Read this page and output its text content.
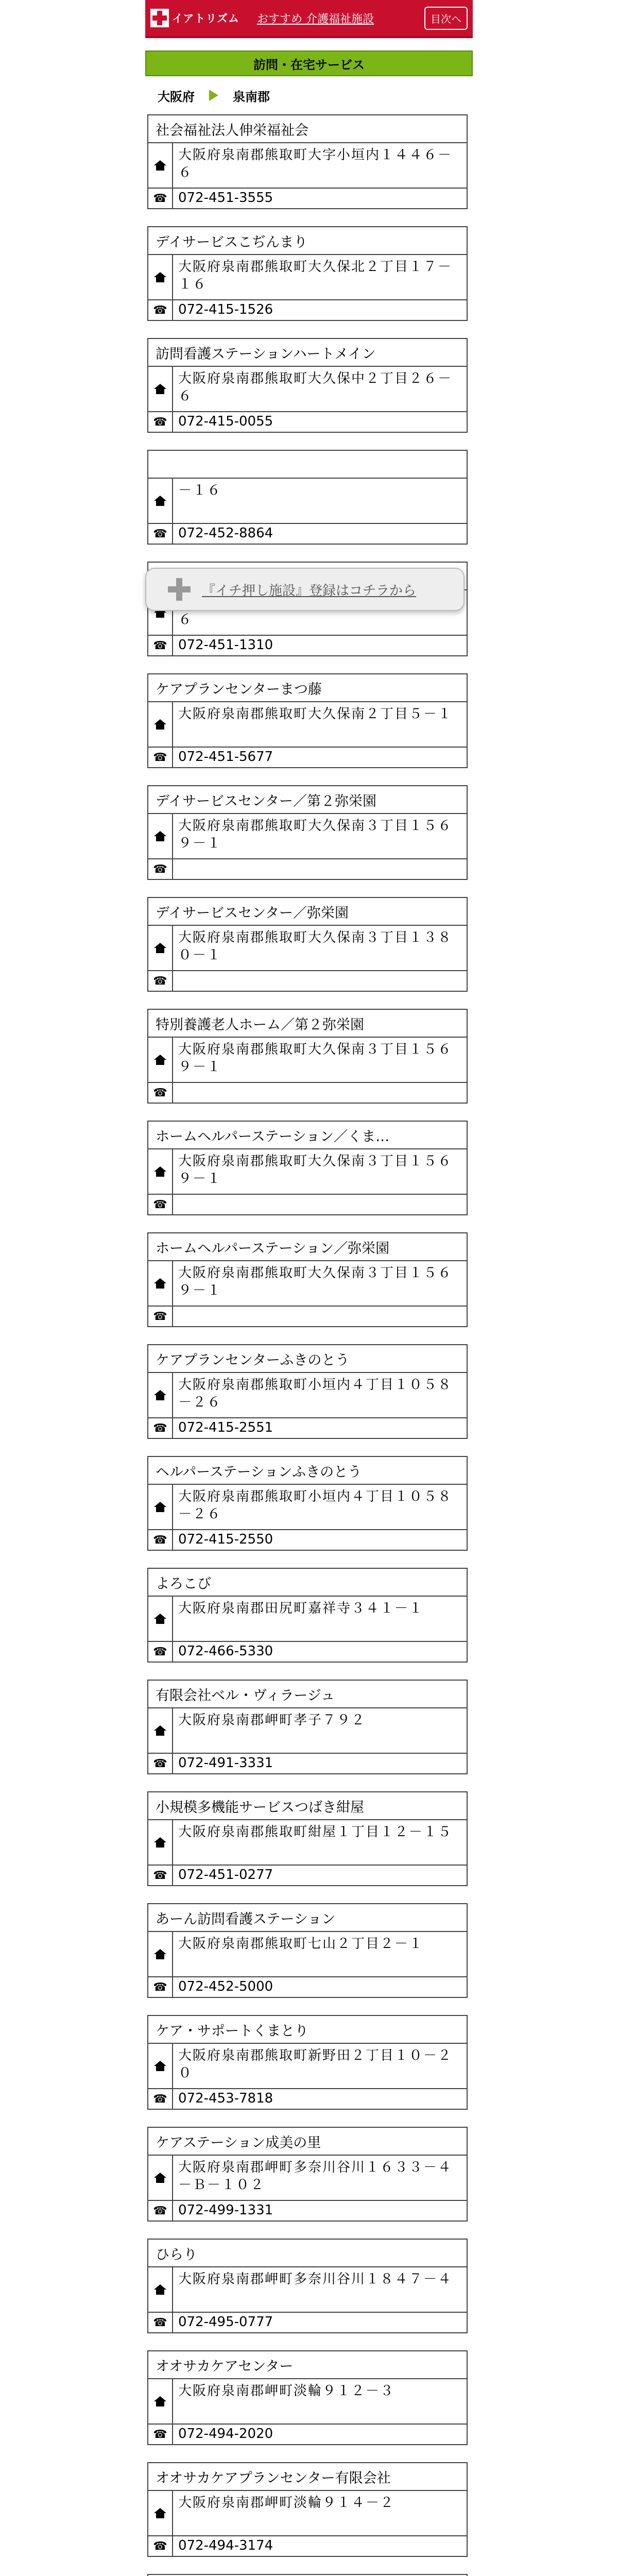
イアトリズム おすすめ 介護福祉施設	目次へ
訪問・在宅サービス
大阪府	泉南郡
『イチ押し施設』登録はコチラから
社会福祉法人伸栄福祉会
大阪府泉南郡熊取町大字小垣内１４４６－６
☎ 072-451-3555
デイサービスこぢんまり
大阪府泉南郡熊取町大久保北２丁目１７－１６
☎ 072-415-1526
訪問看護ステーションハートメイン
大阪府泉南郡熊取町大久保中２丁目２６－６
☎ 072-415-0055
－１６
☎ 072-452-8864
６
☎ 072-451-1310
ケアプランセンターまつ藤
大阪府泉南郡熊取町大久保南２丁目５－１
☎ 072-451-5677
デイサービスセンター／第２弥栄園
大阪府泉南郡熊取町大久保南３丁目１５６９－１
☎
デイサービスセンター／弥栄園
大阪府泉南郡熊取町大久保南３丁目１３８０－１
☎
特別養護老人ホーム／第２弥栄園
大阪府泉南郡熊取町大久保南３丁目１５６９－１
☎
ホームヘルパーステーション／くま…
大阪府泉南郡熊取町大久保南３丁目１５６９－１
☎
ホームヘルパーステーション／弥栄園
大阪府泉南郡熊取町大久保南３丁目１５６９－１
☎
ケアプランセンターふきのとう
大阪府泉南郡熊取町小垣内４丁目１０５８－２６
☎ 072-415-2551
ヘルパーステーションふきのとう
大阪府泉南郡熊取町小垣内４丁目１０５８－２６
☎ 072-415-2550
よろこび
大阪府泉南郡田尻町嘉祥寺３４１－１
☎ 072-466-5330
有限会社ベル・ヴィラージュ
大阪府泉南郡岬町孝子７９２
☎ 072-491-3331
小規模多機能サービスつばき紺屋
大阪府泉南郡熊取町紺屋１丁目１２－１５
☎ 072-451-0277
あーん訪問看護ステーション
大阪府泉南郡熊取町七山２丁目２－１
☎ 072-452-5000
ケア・サポートくまとり
大阪府泉南郡熊取町新野田２丁目１０－２０
☎ 072-453-7818
ケアステーション成美の里
大阪府泉南郡岬町多奈川谷川１６３３－４－Ｂ－１０２
☎ 072-499-1331
ひらり
大阪府泉南郡岬町多奈川谷川１８４７－４
☎ 072-495-0777
オオサカケアセンター
大阪府泉南郡岬町淡輪９１２－３
☎ 072-494-2020
オオサカケアプランセンター有限会社
大阪府泉南郡岬町淡輪９１４－２
☎ 072-494-3174
